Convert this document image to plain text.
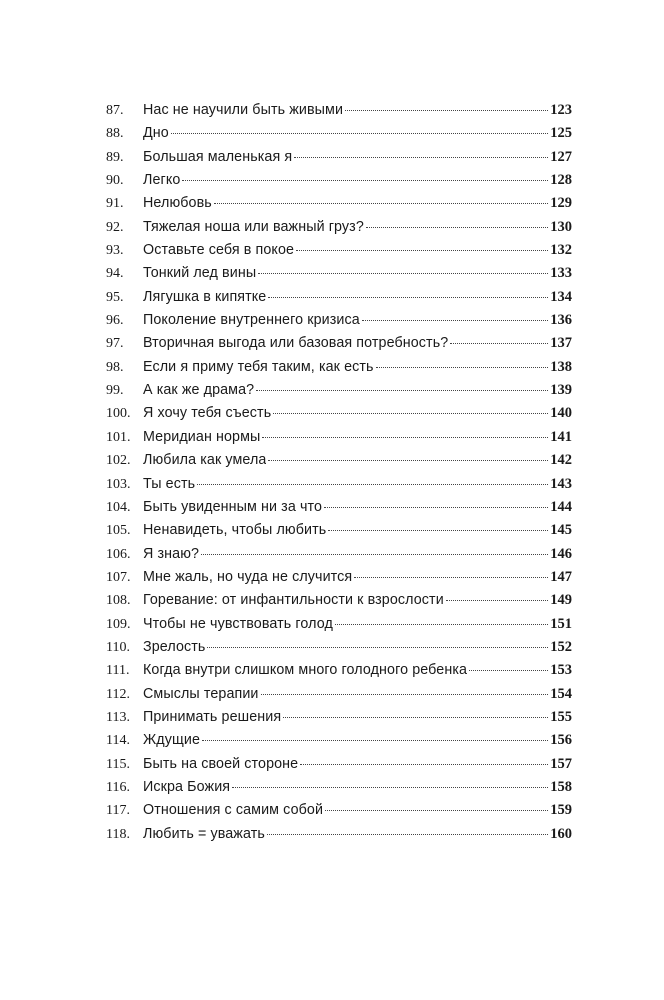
87.	Нас не научили быть живыми	123
88.	Дно	125
89.	Большая маленькая я	127
90.	Легко	128
91.	Нелюбовь	129
92.	Тяжелая ноша или важный груз?	130
93.	Оставьте себя в покое	132
94.	Тонкий лед вины	133
95.	Лягушка в кипятке	134
96.	Поколение внутреннего кризиса	136
97.	Вторичная выгода или базовая потребность?	137
98.	Если я приму тебя таким, как есть	138
99.	А как же драма?	139
100. Я хочу тебя съесть	140
101. Меридиан нормы	141
102. Любила как умела	142
103. Ты есть	143
104. Быть увиденным ни за что	144
105. Ненавидеть, чтобы любить	145
106. Я знаю?	146
107. Мне жаль, но чуда не случится	147
108. Горевание: от инфантильности к взрослости	149
109. Чтобы не чувствовать голод	151
110. Зрелость	152
111. Когда внутри слишком много голодного ребенка	153
112. Смыслы терапии	154
113. Принимать решения	155
114. Ждущие	156
115. Быть на своей стороне	157
116. Искра Божия	158
117. Отношения с самим собой	159
118. Любить = уважать	160
